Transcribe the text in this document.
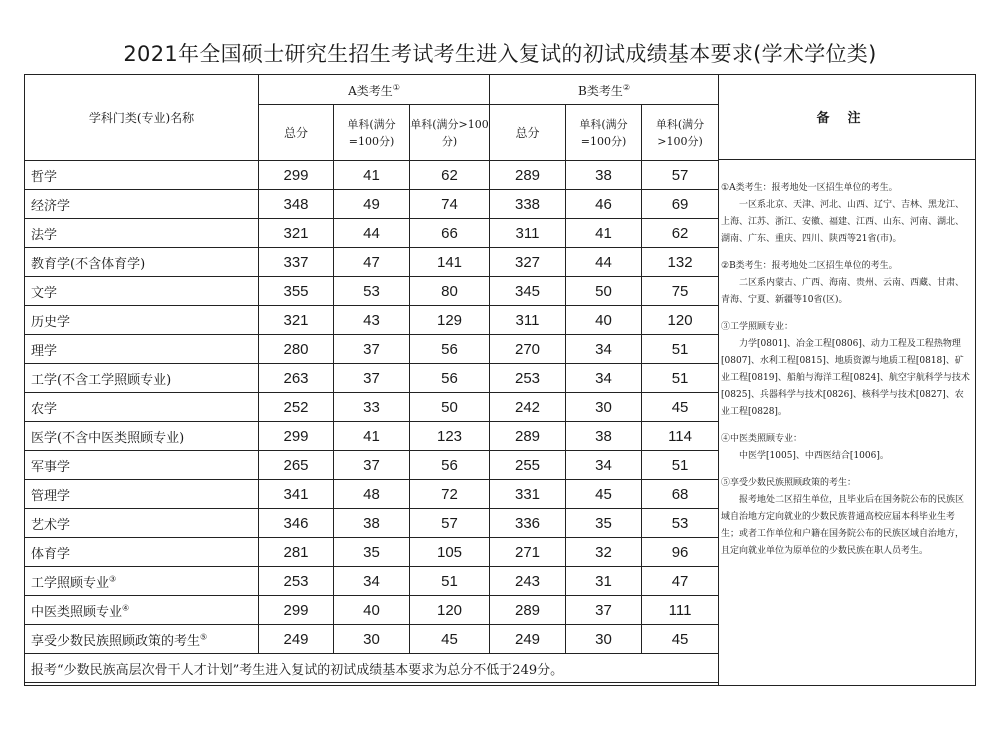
2021年全国硕士研究生招生考试考生进入复试的初试成绩基本要求(学术学位类)
学科门类(专业)名称	A类考生①			B类考生②
	总分	单科(满分=100分)	单科(满分>100分)	总分	单科(满分=100分)	单科(满分>100分)
哲学	299	41	62	289	38	57
经济学	348	49	74	338	46	69
法学	321	44	66	311	41	62
教育学(不含体育学)	337	47	141	327	44	132
文学	355	53	80	345	50	75
历史学	321	43	129	311	40	120
理学	280	37	56	270	34	51
工学(不含工学照顾专业)	263	37	56	253	34	51
农学	252	33	50	242	30	45
医学(不含中医类照顾专业)	299	41	123	289	38	114
军事学	265	37	56	255	34	51
管理学	341	48	72	331	45	68
艺术学	346	38	57	336	35	53
体育学	281	35	105	271	32	96
工学照顾专业③	253	34	51	243	31	47
中医类照顾专业④	299	40	120	289	37	111
享受少数民族照顾政策的考生⑤	249	30	45	249	30	45
报考“少数民族高层次骨干人才计划”考生进入复试的初试成绩基本要求为总分不低于249分。						
备注

①A类考生：报考地处一区招生单位的考生。

一区系北京、天津、河北、山西、辽宁、吉林、黑龙江、上海、江苏、浙江、安徽、福建、江西、山东、河南、湖北、湖南、广东、重庆、四川、陕西等21省(市)。

②B类考生：报考地处二区招生单位的考生。

二区系内蒙古、广西、海南、贵州、云南、西藏、甘肃、青海、宁夏、新疆等10省(区)。

③工学照顾专业：

力学[0801]、冶金工程[0806]、动力工程及工程热物理[0807]、水利工程[0815]、地质资源与地质工程[0818]、矿业工程[0819]、船舶与海洋工程[0824]、航空宇航科学与技术[0825]、兵器科学与技术[0826]、核科学与技术[0827]、农业工程[0828]。

④中医类照顾专业：

中医学[1005]、中西医结合[1006]。

⑤享受少数民族照顾政策的考生：

报考地处二区招生单位，且毕业后在国务院公布的民族区域自治地方定向就业的少数民族普通高校应届本科毕业生考生；或者工作单位和户籍在国务院公布的民族区域自治地方，且定向就业单位为原单位的少数民族在职人员考生。
